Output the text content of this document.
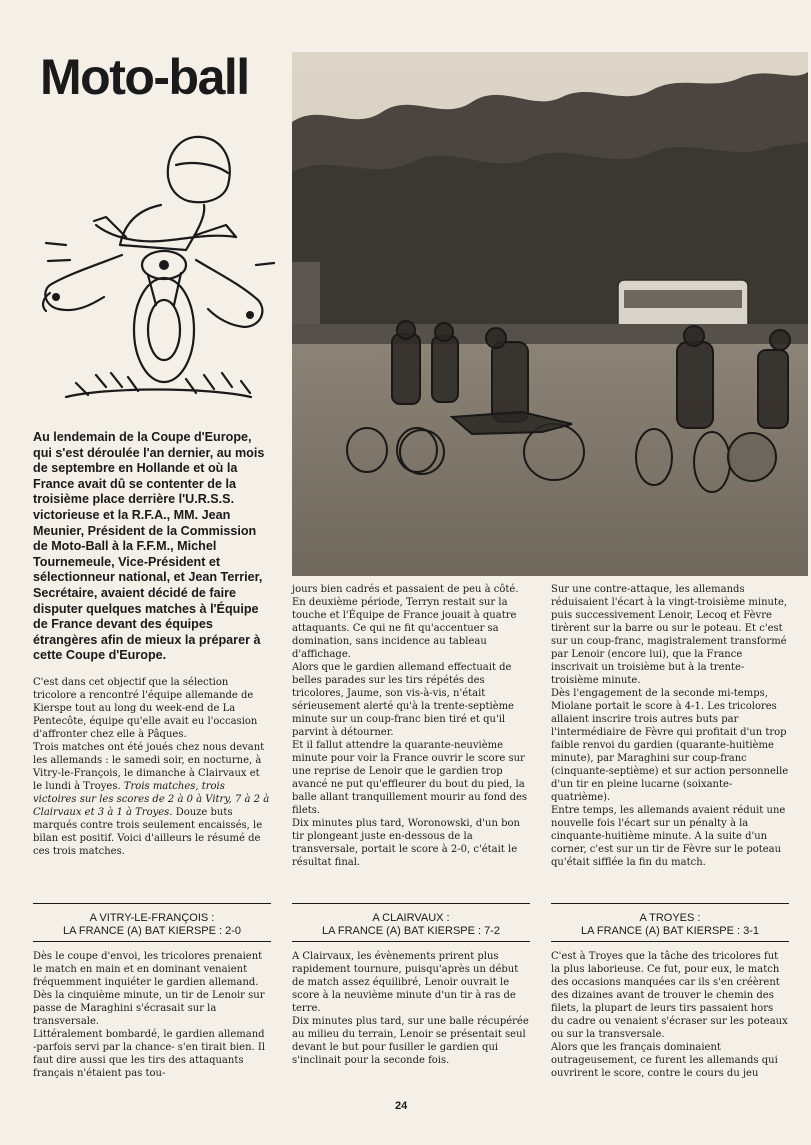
Moto-ball

Au lendemain de la Coupe d'Europe, qui s'est déroulée l'an dernier, au mois de septembre en Hollande et où la France avait dû se contenter de la troisième place derrière l'U.R.S.S. victorieuse et la R.F.A., MM. Jean Meunier, Président de la Commission de Moto-Ball à la F.F.M., Michel Tournemeule, Vice-Président et sélectionneur national, et Jean Terrier, Secrétaire, avaient décidé de faire disputer quelques matches à l'Équipe de France devant des équipes étrangères afin de mieux la préparer à cette Coupe d'Europe.

C'est dans cet objectif que la sélection tricolore a rencontré l'équipe allemande de Kierspe tout au long du week-end de La Pentecôte, équipe qu'elle avait eu l'occasion d'affronter chez elle à Pâques.

Trois matches ont été joués chez nous devant les allemands : le samedi soir, en nocturne, à Vitry-le-François, le dimanche à Clairvaux et le lundi à Troyes. Trois matches, trois victoires sur les scores de 2 à 0 à Vitry, 7 à 2 à Clairvaux et 3 à 1 à Troyes. Douze buts marqués contre trois seulement encaissés, le bilan est positif. Voici d'ailleurs le résumé de ces trois matches.

jours bien cadrés et passaient de peu à côté. En deuxième période, Terryn restait sur la touche et l'Équipe de France jouait à quatre attaquants. Ce qui ne fit qu'accentuer sa domination, sans incidence au tableau d'affichage.

Alors que le gardien allemand effectuait de belles parades sur les tirs répétés des tricolores, Jaume, son vis-à-vis, n'était sérieusement alerté qu'à la trente-septième minute sur un coup-franc bien tiré et qu'il parvint à détourner.

Et il fallut attendre la quarante-neuvième minute pour voir la France ouvrir le score sur une reprise de Lenoir que le gardien trop avancé ne put qu'effleurer du bout du pied, la balle allant tranquillement mourir au fond des filets.

Dix minutes plus tard, Woronowski, d'un bon tir plongeant juste en-dessous de la transversale, portait le score à 2-0, c'était le résultat final.

Sur une contre-attaque, les allemands réduisaient l'écart à la vingt-troisième minute, puis successivement Lenoir, Lecoq et Fèvre tirèrent sur la barre ou sur le poteau. Et c'est sur un coup-franc, magistralement transformé par Lenoir (encore lui), que la France inscrivait un troisième but à la trente-troisième minute.

Dès l'engagement de la seconde mi-temps, Miolane portait le score à 4-1. Les tricolores allaient inscrire trois autres buts par l'intermédiaire de Fèvre qui profitait d'un trop faible renvoi du gardien (quarante-huitième minute), par Maraghini sur coup-franc (cinquante-septième) et sur action personnelle d'un tir en pleine lucarne (soixante-quatrième).

Entre temps, les allemands avaient réduit une nouvelle fois l'écart sur un pénalty à la cinquante-huitième minute. A la suite d'un corner, c'est sur un tir de Fèvre sur le poteau qu'était sifflée la fin du match.

A VITRY-LE-FRANÇOIS :
LA FRANCE (A) BAT KIERSPE : 2-0
A CLAIRVAUX :
LA FRANCE (A) BAT KIERSPE : 7-2
A TROYES :
LA FRANCE (A) BAT KIERSPE : 3-1

Dès le coupe d'envoi, les tricolores prenaient le match en main et en dominant venaient fréquemment inquiéter le gardien allemand. Dès la cinquième minute, un tir de Lenoir sur passe de Maraghini s'écrasait sur la transversale.

Littéralement bombardé, le gardien allemand -parfois servi par la chance- s'en tirait bien. Il faut dire aussi que les tirs des attaquants français n'étaient pas tou-

A Clairvaux, les évènements prirent plus rapidement tournure, puisqu'après un début de match assez équilibré, Lenoir ouvrait le score à la neuvième minute d'un tir à ras de terre.

Dix minutes plus tard, sur une balle récupérée au milieu du terrain, Lenoir se présentait seul devant le but pour fusiller le gardien qui s'inclinait pour la seconde fois.

C'est à Troyes que la tâche des tricolores fut la plus laborieuse. Ce fut, pour eux, le match des occasions manquées car ils s'en créèrent des dizaines avant de trouver le chemin des filets, la plupart de leurs tirs passaient hors du cadre ou venaient s'écraser sur les poteaux ou sur la transversale.

Alors que les français dominaient outrageusement, ce furent les allemands qui ouvrirent le score, contre le cours du jeu

24
